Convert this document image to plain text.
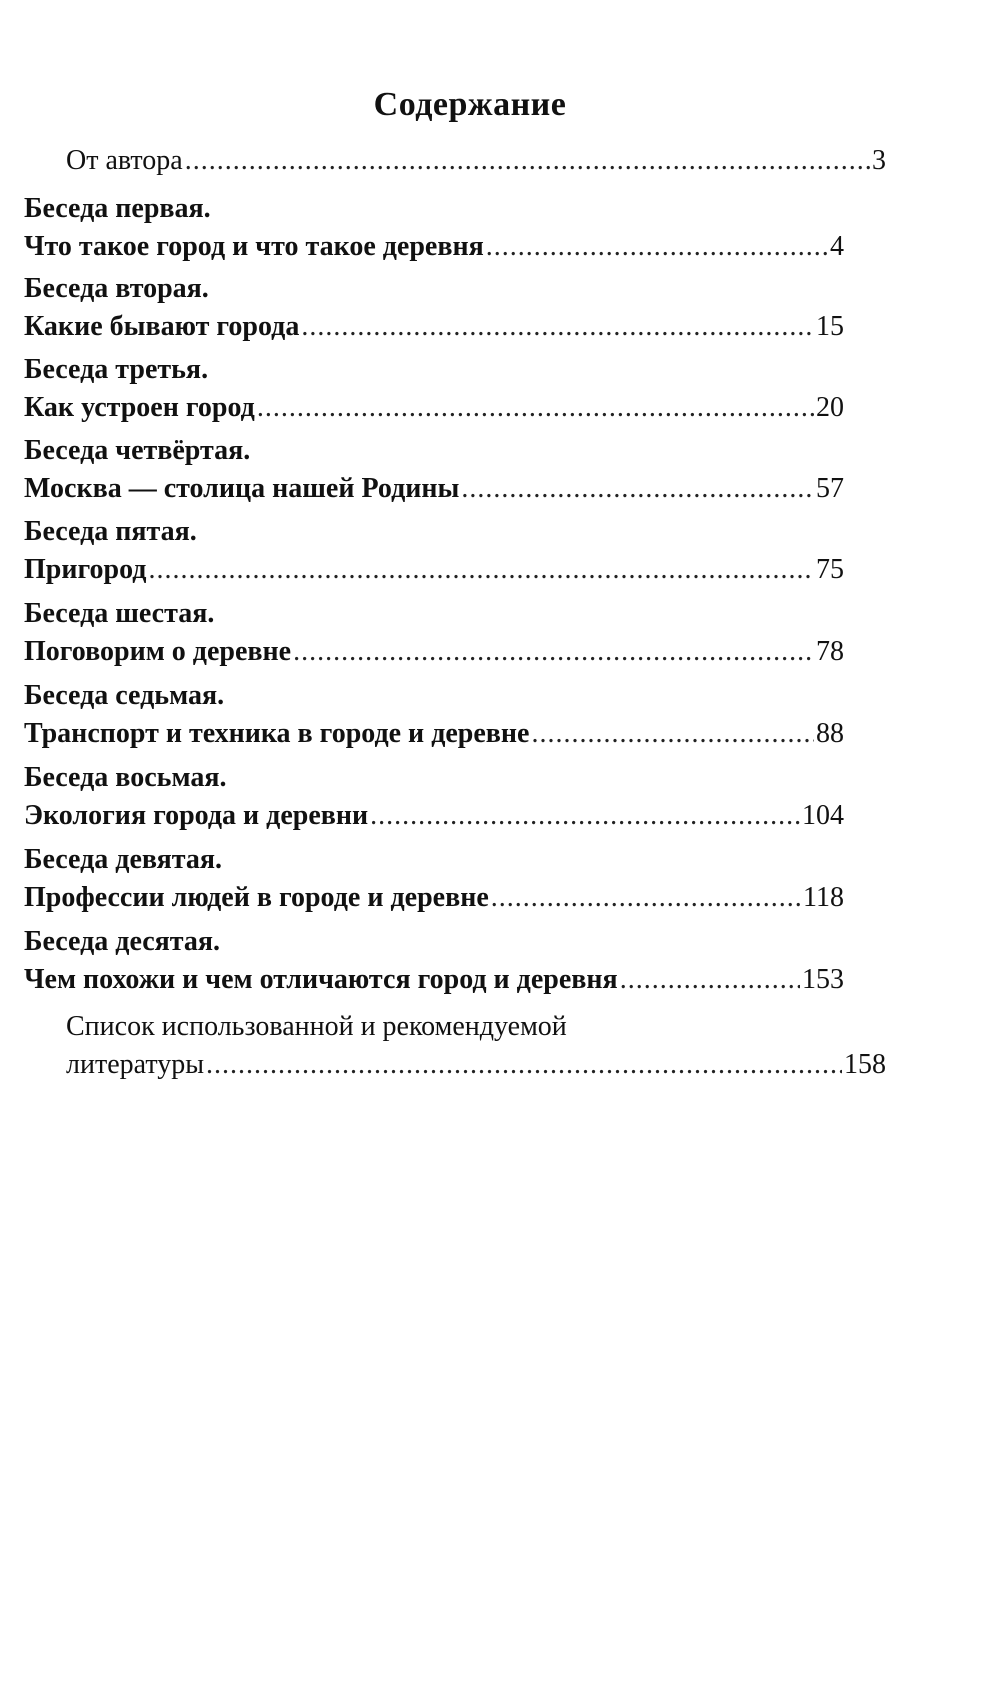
Содержание
От автора .....	3
Беседа первая.
Что такое город и что такое деревня .....	4
Беседа вторая.
Какие бывают города .....	15
Беседа третья.
Как устроен город .....	20
Беседа четвёртая.
Москва — столица нашей Родины .....	57
Беседа пятая.
Пригород .....	75
Беседа шестая.
Поговорим о деревне .....	78
Беседа седьмая.
Транспорт и техника в городе и деревне .....	88
Беседа восьмая.
Экология города и деревни .....	104
Беседа девятая.
Профессии людей в городе и деревне .....	118
Беседа десятая.
Чем похожи и чем отличаются город и деревня .....	153
Список использованной и рекомендуемой
литературы .....	158
